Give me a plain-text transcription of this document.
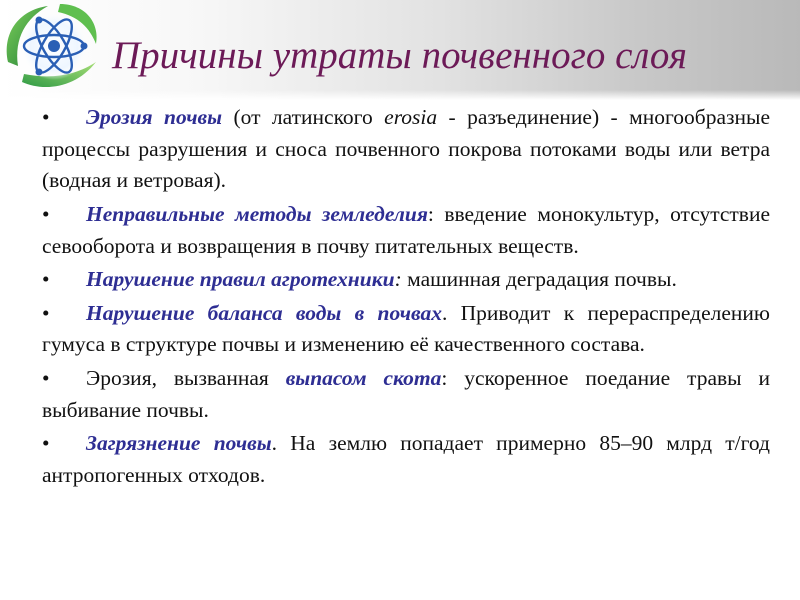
Причины утраты почвенного слоя

•	Эрозия почвы (от латинского erosia - разъединение) - многообразные процессы разрушения и сноса почвенного покрова потоками воды или ветра (водная и ветровая).

•	Неправильные методы земледелия: введение монокультур, отсутствие севооборота и возвращения в почву питательных веществ.

•	Нарушение правил агротехники: машинная деградация почвы.

•	Нарушение баланса воды в почвах. Приводит к перераспределению гумуса в структуре почвы и изменению её качественного состава.

•	Эрозия, вызванная выпасом скота: ускоренное поедание травы и выбивание почвы.

•	Загрязнение почвы. На землю попадает примерно 85–90 млрд т/год антропогенных отходов.
